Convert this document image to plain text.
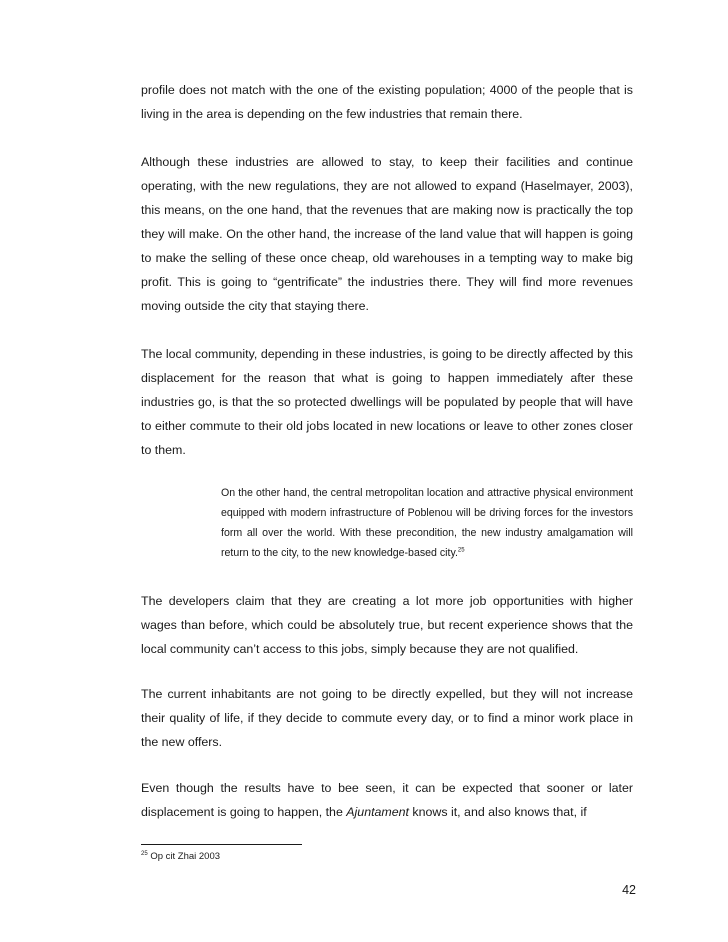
profile does not match with the one of the existing population; 4000 of the people that is living in the area is depending on the few industries that remain there.

Although these industries are allowed to stay, to keep their facilities and continue operating, with the new regulations, they are not allowed to expand (Haselmayer, 2003), this means, on the one hand, that the revenues that are making now is practically the top they will make. On the other hand, the increase of the land value that will happen is going to make the selling of these once cheap, old warehouses in a tempting way to make big profit. This is going to “gentrificate” the industries there. They will find more revenues moving outside the city that staying there.

The local community, depending in these industries, is going to be directly affected by this displacement for the reason that what is going to happen immediately after these industries go, is that the so protected dwellings will be populated by people that will have to either commute to their old jobs located in new locations or leave to other zones closer to them.

On the other hand, the central metropolitan location and attractive physical environment equipped with modern infrastructure of Poblenou will be driving forces for the investors form all over the world. With these precondition, the new industry amalgamation will return to the city, to the new knowledge-based city.$^{25}$

The developers claim that they are creating a lot more job opportunities with higher wages than before, which could be absolutely true, but recent experience shows that the local community can’t access to this jobs, simply because they are not qualified.

The current inhabitants are not going to be directly expelled, but they will not increase their quality of life, if they decide to commute every day, or to find a minor work place in the new offers.

Even though the results have to bee seen, it can be expected that sooner or later displacement is going to happen, the Ajuntament knows it, and also knows that, if

$^{25}$ Op cit Zhai 2003

42
